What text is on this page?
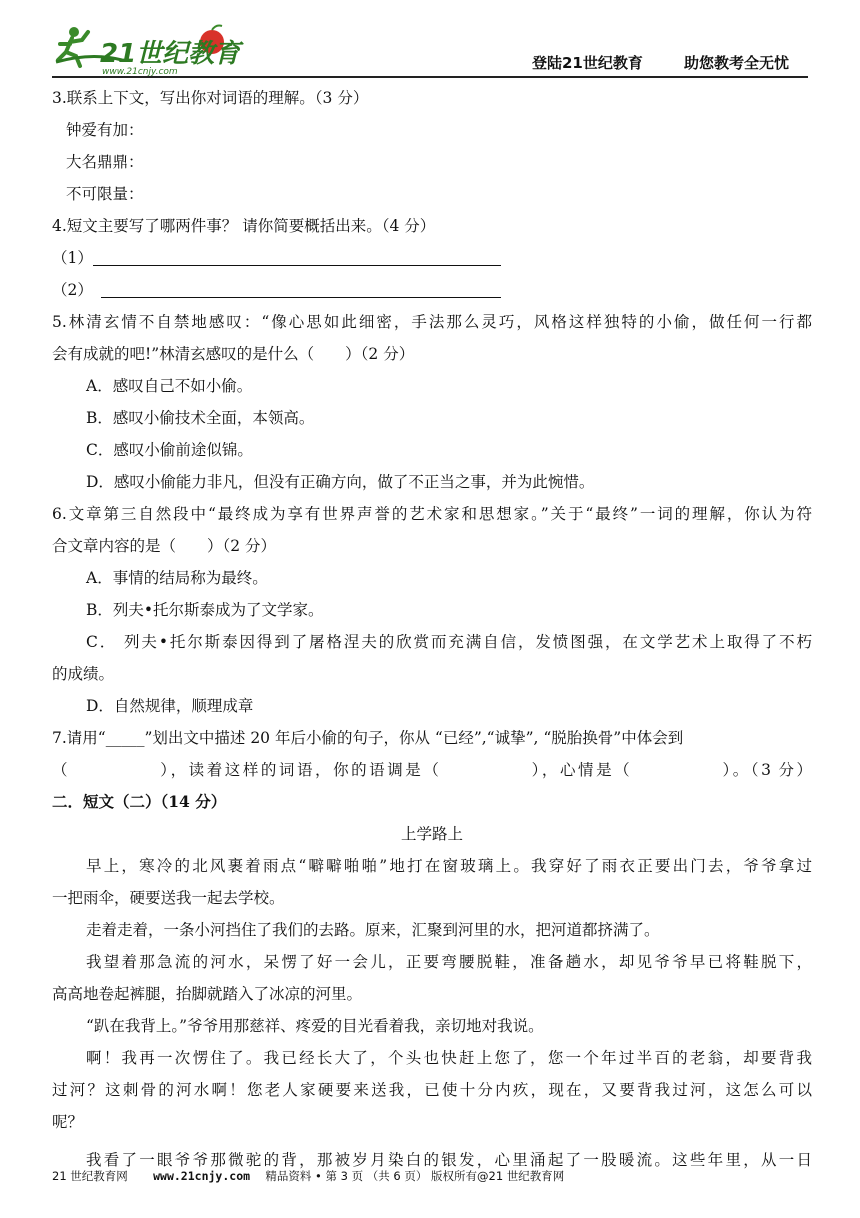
21世纪教育
www.21cnjy.com	登陆21世纪教育	助您教考全无忧
3.联系上下文，写出你对词语的理解。（3 分）
钟爱有加：
大名鼎鼎：
不可限量：
4.短文主要写了哪两件事？ 请你简要概括出来。（4 分）
（1）
（2）
5.林清玄情不自禁地感叹：“像心思如此细密，手法那么灵巧，风格这样独特的小偷，做任何一行都
会有成就的吧!”林清玄感叹的是什么（　　）（2 分）
A．感叹自己不如小偷。
B．感叹小偷技术全面，本领高。
C．感叹小偷前途似锦。
D．感叹小偷能力非凡，但没有正确方向，做了不正当之事，并为此惋惜。
6.文章第三自然段中“最终成为享有世界声誉的艺术家和思想家。”关于“最终”一词的理解，你认为符
合文章内容的是（　　）（2 分）
A．事情的结局称为最终。
B．列夫•托尔斯泰成为了文学家。
C． 列夫•托尔斯泰因得到了屠格涅夫的欣赏而充满自信，发愤图强，在文学艺术上取得了不朽
的成绩。
D．自然规律，顺理成章
7.请用“_____”划出文中描述 20 年后小偷的句子，你从 “已经”,“诚挚”, “脱胎换骨”中体会到
（　　　　　），读着这样的词语，你的语调是（　　　　　），心情是（　　　　　）。（3 分）
二．短文（二）（14 分）
上学路上
早上，寒冷的北风裹着雨点“噼噼啪啪”地打在窗玻璃上。我穿好了雨衣正要出门去，爷爷拿过
一把雨伞，硬要送我一起去学校。
走着走着，一条小河挡住了我们的去路。原来，汇聚到河里的水，把河道都挤满了。
我望着那急流的河水，呆愣了好一会儿，正要弯腰脱鞋，准备趟水，却见爷爷早已将鞋脱下，
高高地卷起裤腿，抬脚就踏入了冰凉的河里。
“趴在我背上。”爷爷用那慈祥、疼爱的目光看着我，亲切地对我说。
啊！我再一次愣住了。我已经长大了，个头也快赶上您了，您一个年过半百的老翁，却要背我
过河？这刺骨的河水啊！您老人家硬要来送我，已使十分内疚，现在，又要背我过河，这怎么可以
呢？
我看了一眼爷爷那微驼的背，那被岁月染白的银发，心里涌起了一股暖流。这些年里，从一日
21 世纪教育网 www.21cnjy.com 精品资料 • 第 3 页 （共 6 页） 版权所有@21 世纪教育网
